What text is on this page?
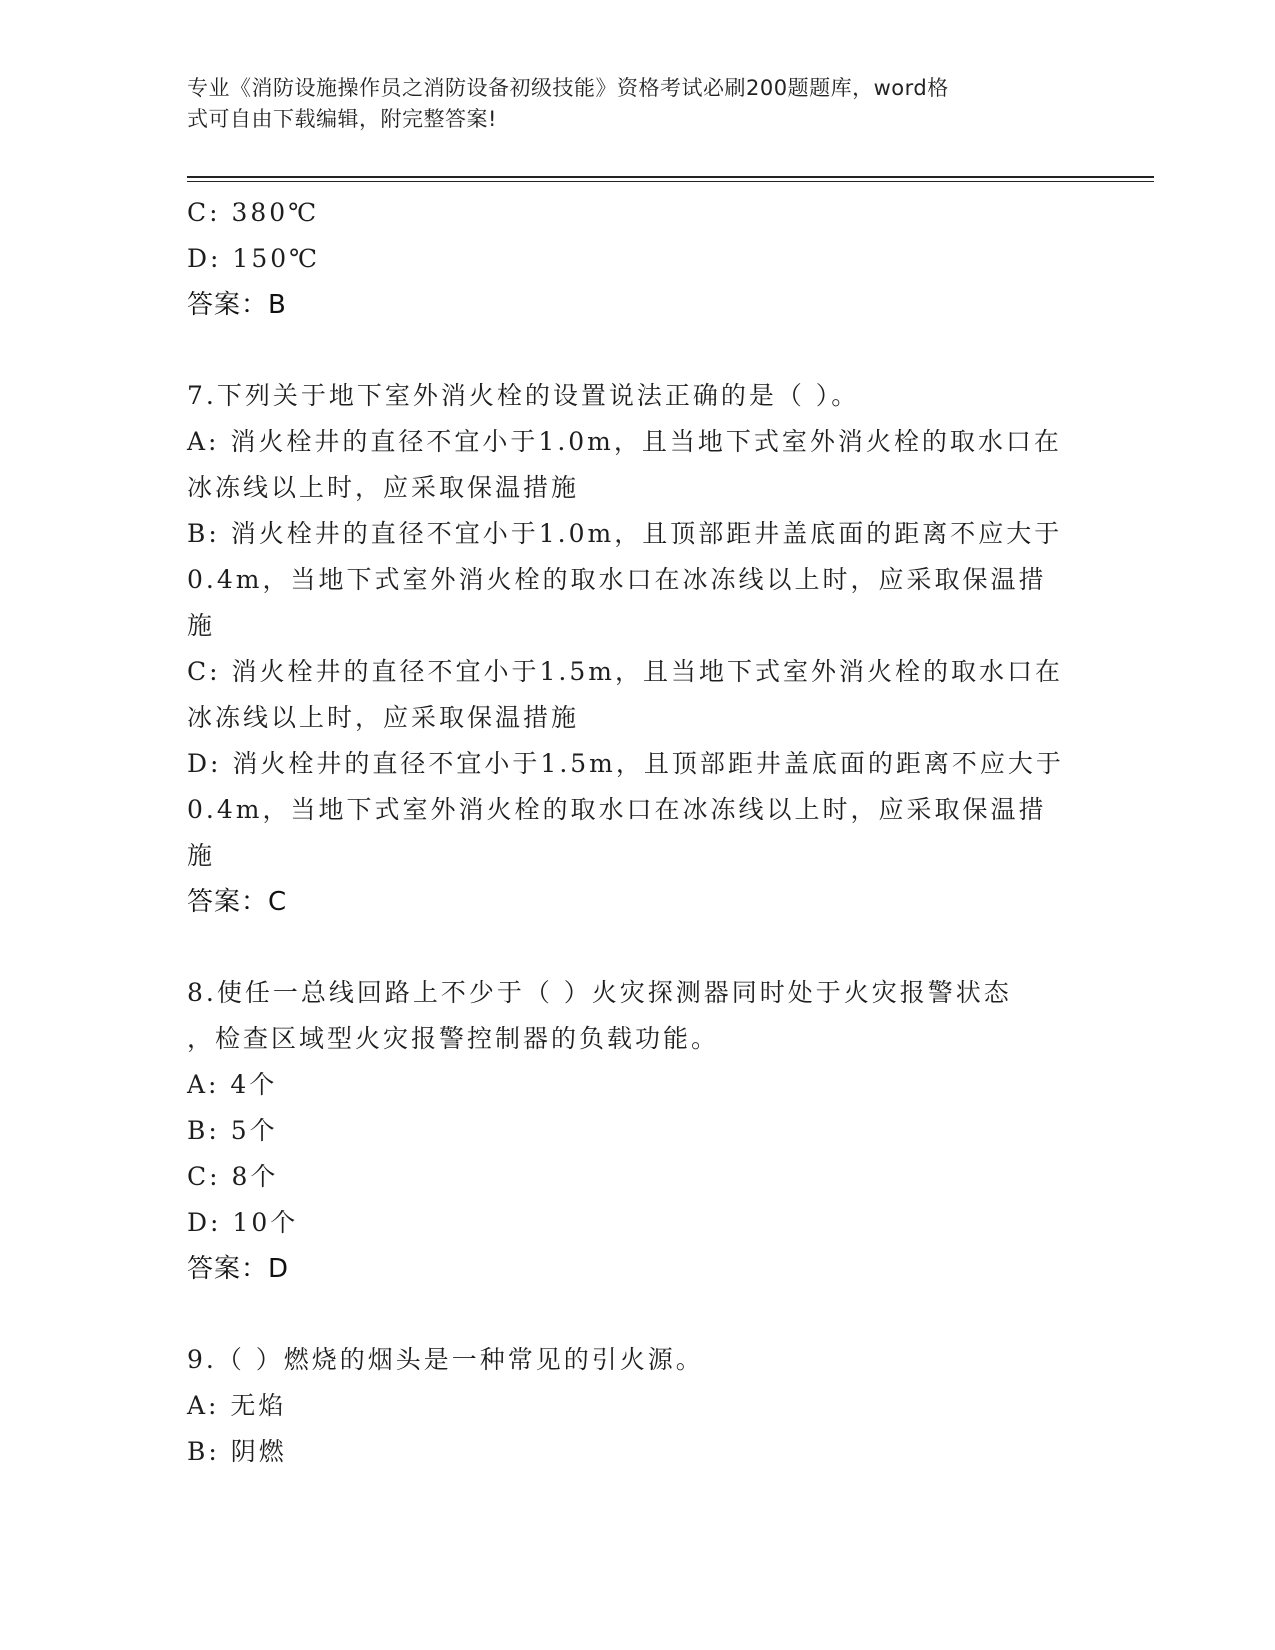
专业《消防设施操作员之消防设备初级技能》资格考试必刷200题题库，word格
式可自由下载编辑，附完整答案!
C: 380℃
D: 150℃
答案：B
7.下列关于地下室外消火栓的设置说法正确的是（ ）。
A: 消火栓井的直径不宜小于1.0m，且当地下式室外消火栓的取水口在
冰冻线以上时，应采取保温措施
B: 消火栓井的直径不宜小于1.0m，且顶部距井盖底面的距离不应大于
0.4m，当地下式室外消火栓的取水口在冰冻线以上时，应采取保温措
施
C: 消火栓井的直径不宜小于1.5m，且当地下式室外消火栓的取水口在
冰冻线以上时，应采取保温措施
D: 消火栓井的直径不宜小于1.5m，且顶部距井盖底面的距离不应大于
0.4m，当地下式室外消火栓的取水口在冰冻线以上时，应采取保温措
施
答案：C
8.使任一总线回路上不少于（ ）火灾探测器同时处于火灾报警状态
，检查区域型火灾报警控制器的负载功能。
A: 4个
B: 5个
C: 8个
D: 10个
答案：D
9.（ ）燃烧的烟头是一种常见的引火源。
A: 无焰
B: 阴燃
